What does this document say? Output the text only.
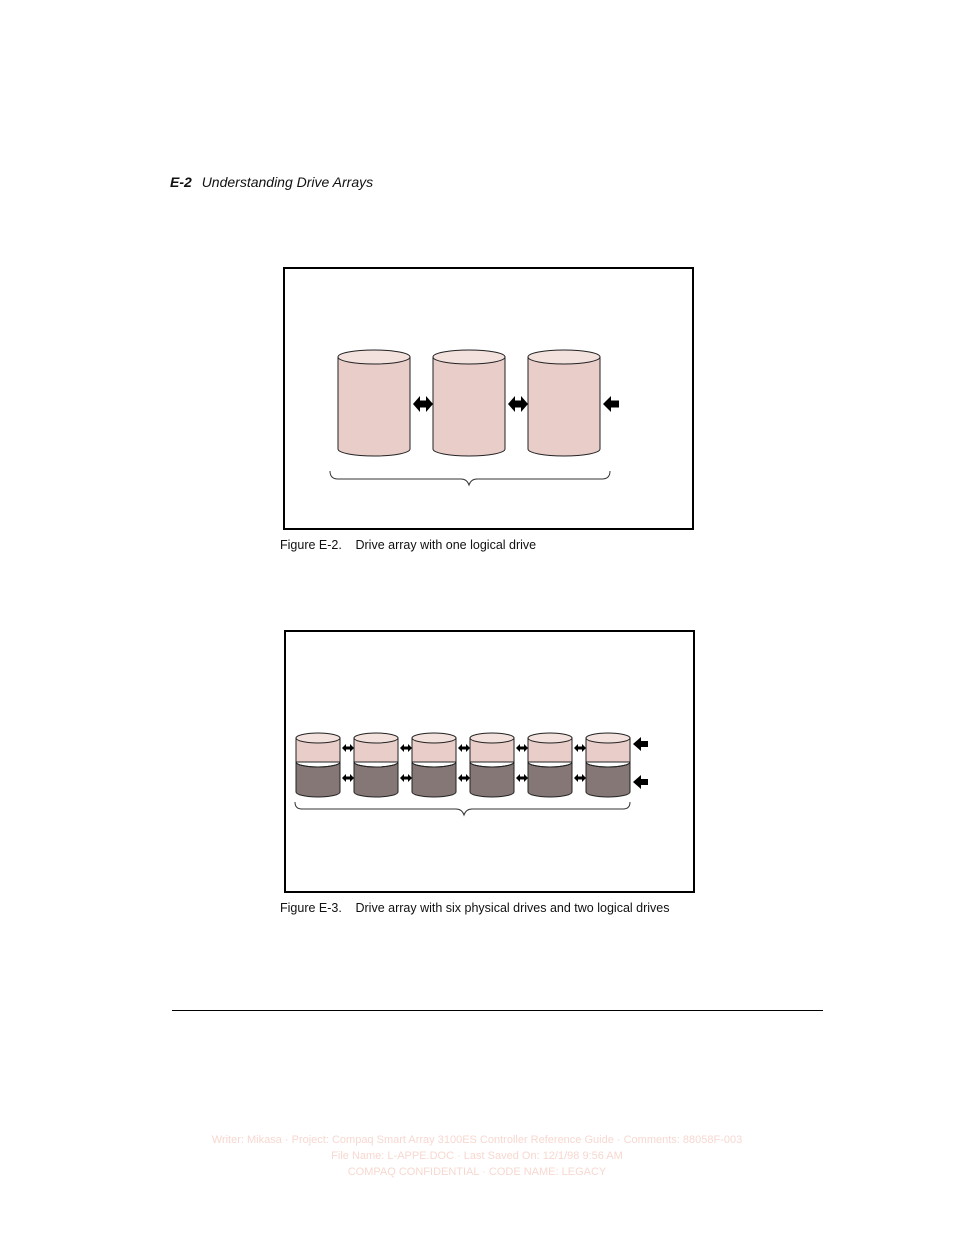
E-2 Understanding Drive Arrays
Figure E-2. Drive array with one logical drive
Figure E-3. Drive array with six physical drives and two logical drives
Writer: Mikasa · Project: Compaq Smart Array 3100ES Controller Reference Guide · Comments: 88058F-003
File Name: L-APPE.DOC · Last Saved On: 12/1/98 9:56 AM
COMPAQ CONFIDENTIAL · CODE NAME: LEGACY
